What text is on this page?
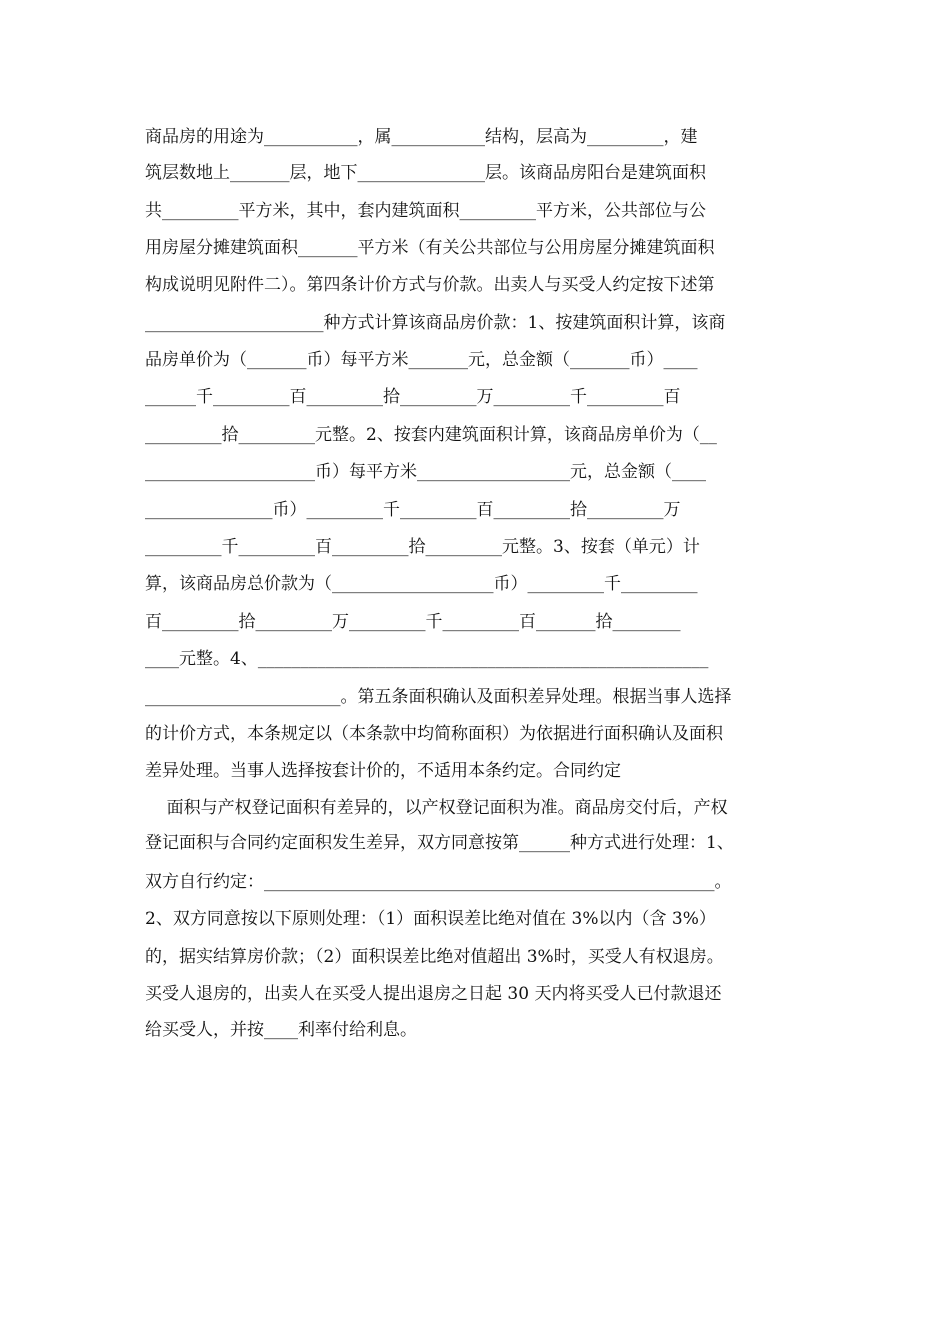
商品房的用途为___________，属___________结构，层高为_________，建
筑层数地上_______层，地下_______________层。该商品房阳台是建筑面积
共_________平方米，其中，套内建筑面积_________平方米，公共部位与公
用房屋分摊建筑面积_______平方米（有关公共部位与公用房屋分摊建筑面积
构成说明见附件二）。第四条计价方式与价款。出卖人与买受人约定按下述第
_____________________种方式计算该商品房价款：1、按建筑面积计算，该商
品房单价为（_______币）每平方米_______元，总金额（_______币）____
______千_________百_________拾_________万_________千_________百
_________拾_________元整。2、按套内建筑面积计算，该商品房单价为（__
____________________币）每平方米__________________元，总金额（____
_______________币）_________千_________百_________拾_________万
_________千_________百_________拾_________元整。3、按套（单元）计
算，该商品房总价款为（___________________币）_________千_________
百_________拾_________万_________千_________百_______拾________
____元整。4、_____________________________________________________
_______________________。第五条面积确认及面积差异处理。根据当事人选择
的计价方式，本条规定以（本条款中均简称面积）为依据进行面积确认及面积
差异处理。当事人选择按套计价的，不适用本条约定。合同约定
面积与产权登记面积有差异的，以产权登记面积为准。商品房交付后，产权
登记面积与合同约定面积发生差异，双方同意按第______种方式进行处理：1、
双方自行约定：_____________________________________________________。
2、双方同意按以下原则处理：（1）面积误差比绝对值在 3%以内（含 3%）
的，据实结算房价款；（2）面积误差比绝对值超出 3%时，买受人有权退房。
买受人退房的，出卖人在买受人提出退房之日起 30 天内将买受人已付款退还
给买受人，并按____利率付给利息。
